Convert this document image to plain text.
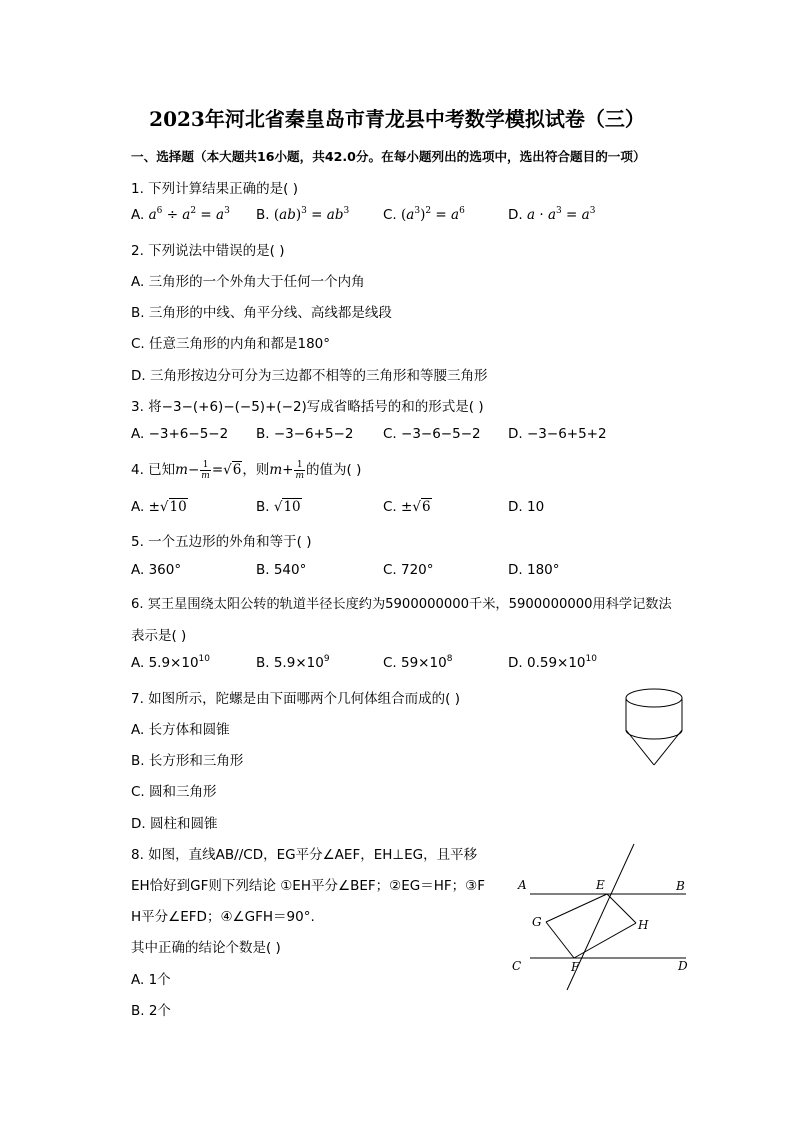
2023年河北省秦皇岛市青龙县中考数学模拟试卷（三）
一、选择题（本大题共16小题，共42.0分。在每小题列出的选项中，选出符合题目的一项）
1. 下列计算结果正确的是( )
A. $a^6 \div a^2 = a^3$ B. $(ab)^3 = ab^3$	C. $(a^3)^2 = a^6$	D. $a \cdot a^3 = a^3$
2. 下列说法中错误的是( )
A. 三角形的一个外角大于任何一个内角
B. 三角形的中线、角平分线、高线都是线段
C. 任意三角形的内角和都是180°
D. 三角形按边分可分为三边都不相等的三角形和等腰三角形
3. 将−3−(+6)−(−5)+(−2)写成省略括号的和的形式是( )
A. −3+6−5−2 B. −3−6+5−2 C. −3−6−5−2 D. −3−6+5+2
4. 已知$m- \frac{1}{m} =√6$，则$m+ \frac{1}{m}$ 的值为( )
A. ±√10	B. √10	C. ±√6	D. 10
5. 一个五边形的外角和等于( )
A. 360°	B. 540°	C. 720°	D. 180°
6. 冥王星围绕太阳公转的轨道半径长度约为5900000000千米，5900000000用科学记数法
表示是( )
A. $5.9\times 10^{10}$	B. $5.9\times 10^9$	C. $59\times 10^8$	D. $0.59\times 10^{10}$
7. 如图所示，陀螺是由下面哪两个几何体组合而成的( )
A. 长方体和圆锥
B. 长方形和三角形
C. 圆和三角形
D. 圆柱和圆锥
8. 如图，直线AB//CD，EG平分∠AEF，EH⊥EG，且平移
EH恰好到GF则下列结论 ①EH平分∠BEF；②EG＝HF；③F
H平分∠EFD；④∠GFH＝90°.
其中正确的结论个数是( )
A. 1个
B. 2个
A	B
E
G	H
C	F	D
